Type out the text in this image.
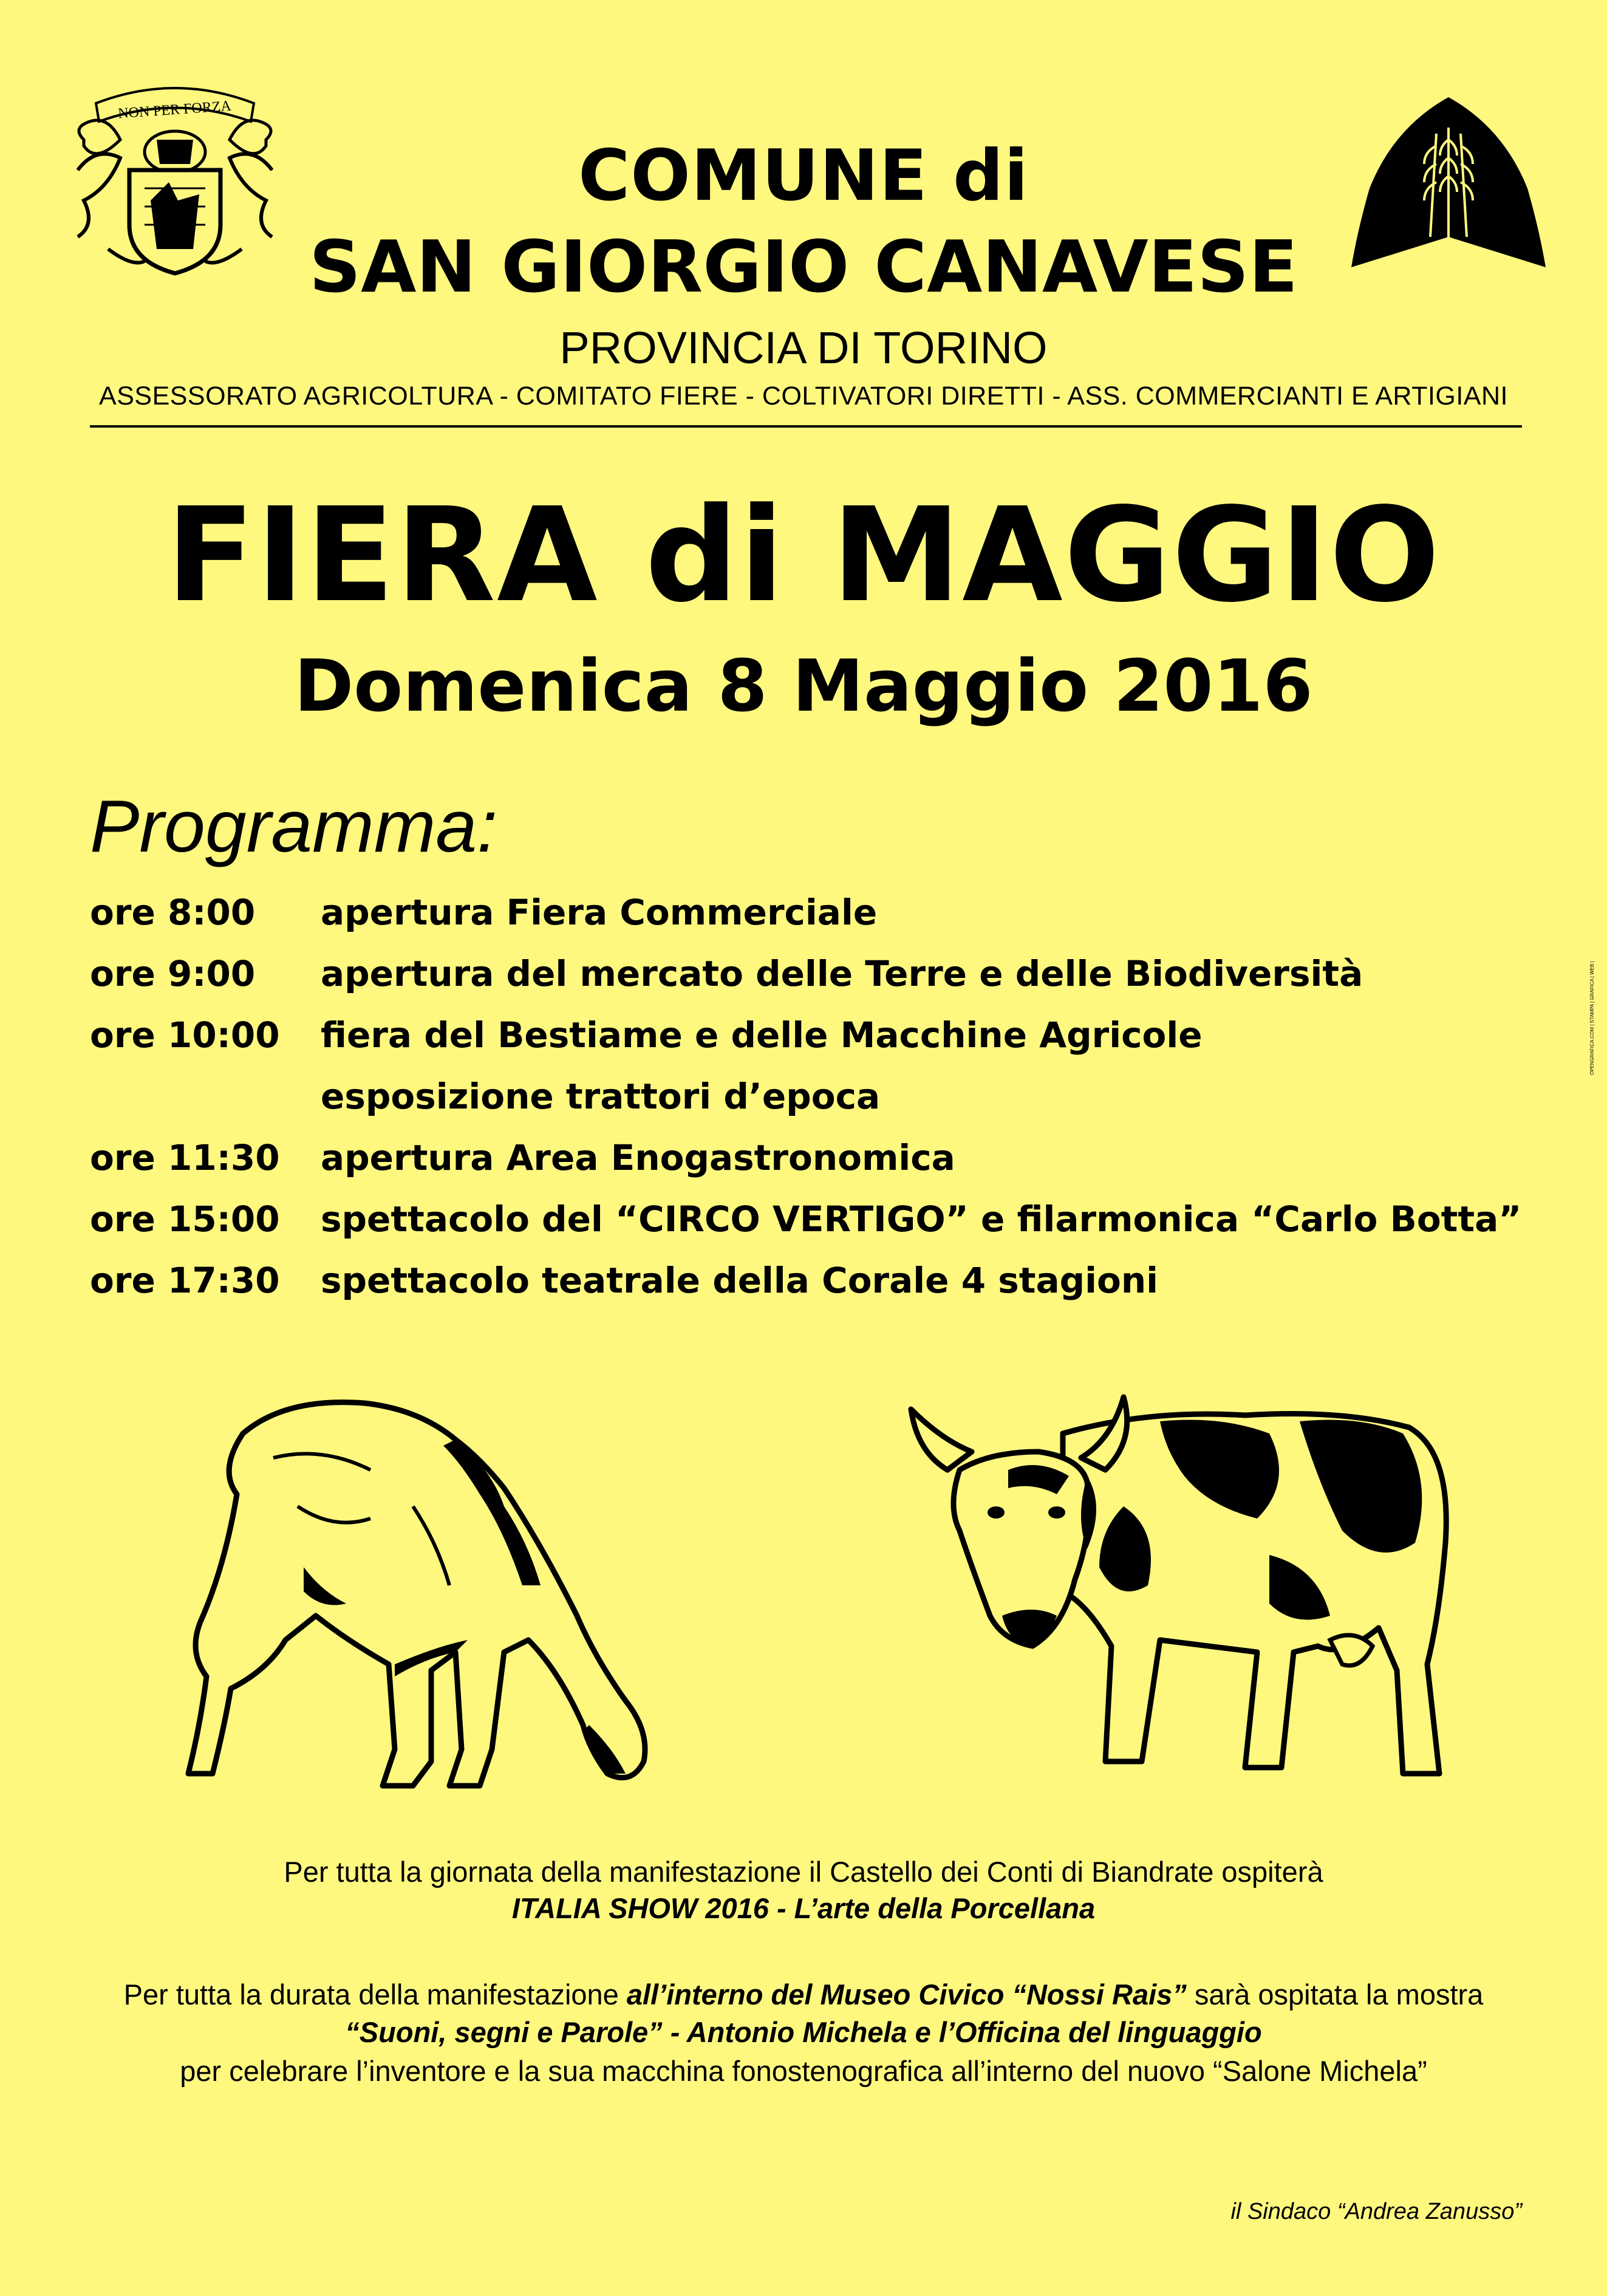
NON PER FORZA
COMUNE di
SAN GIORGIO CANAVESE
PROVINCIA DI TORINO
ASSESSORATO AGRICOLTURA - COMITATO FIERE - COLTIVATORI DIRETTI - ASS. COMMERCIANTI E ARTIGIANI
FIERA di MAGGIO
Domenica 8 Maggio 2016
Programma:
ore 8:00 apertura Fiera Commerciale
ore 9:00 apertura del mercato delle Terre e delle Biodiversità
ore 10:00 fiera del Bestiame e delle Macchine Agricole
esposizione trattori d’epoca
ore 11:30 apertura Area Enogastronomica
ore 15:00 spettacolo del “CIRCO VERTIGO” e filarmonica “Carlo Botta”
ore 17:30 spettacolo teatrale della Corale 4 stagioni
Per tutta la giornata della manifestazione il Castello dei Conti di Biandrate ospiterà
ITALIA SHOW 2016 - L’arte della Porcellana
Per tutta la durata della manifestazione all’interno del Museo Civico “Nossi Rais” sarà ospitata la mostra
“Suoni, segni e Parole” - Antonio Michela e l’Officina del linguaggio
per celebrare l’inventore e la sua macchina fonostenografica all’interno del nuovo “Salone Michela”
il Sindaco “Andrea Zanusso”
OPENGRAFICA.COM | STAMPA | GRAFICA | WEB |
